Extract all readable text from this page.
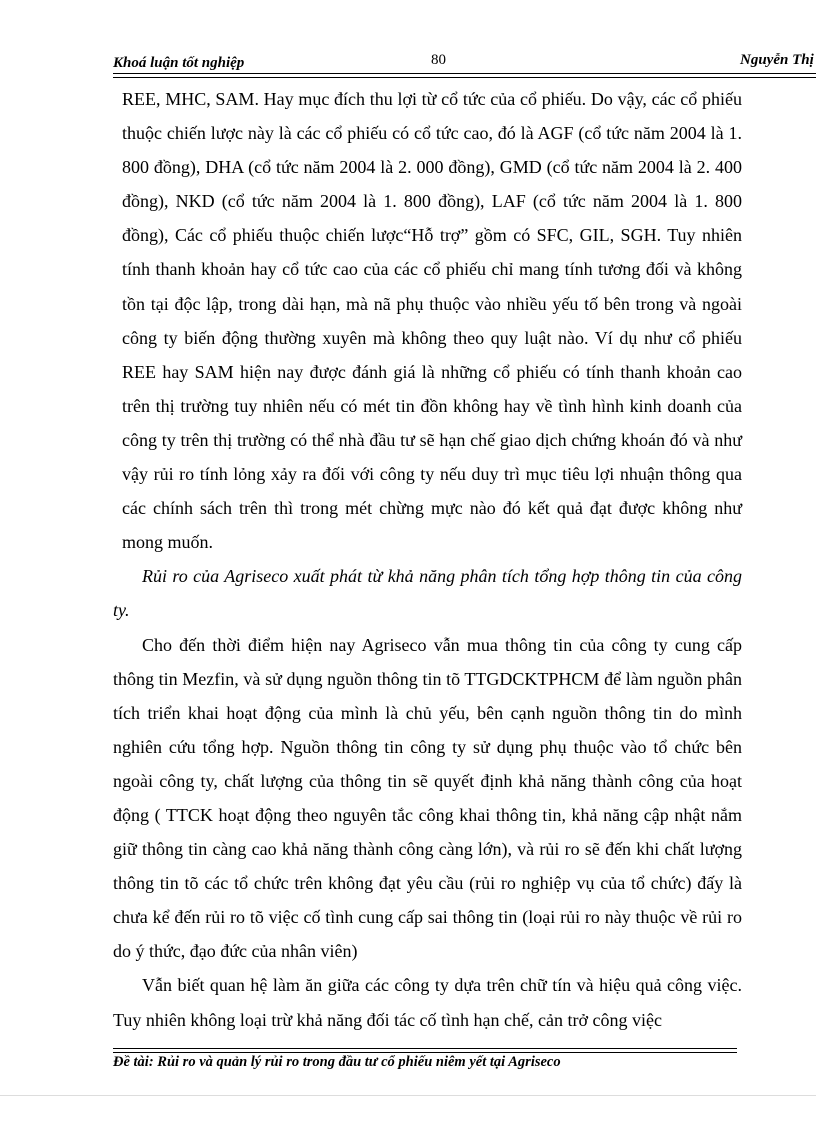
Khoá luận tốt nghiệp	80	Nguyễn Thị

REE, MHC, SAM. Hay mục đích thu lợi từ cổ tức của cổ phiếu. Do vậy, các cổ phiếu thuộc chiến lược này là các cổ phiếu có cổ tức cao, đó là AGF (cổ tức năm 2004 là 1. 800 đồng), DHA (cổ tức năm 2004 là 2. 000 đồng), GMD (cổ tức năm 2004 là 2. 400 đồng), NKD (cổ tức năm 2004 là 1. 800 đồng), LAF (cổ tức năm 2004 là 1. 800 đồng), Các cổ phiếu thuộc chiến lược“Hỗ trợ” gồm có SFC, GIL, SGH. Tuy nhiên tính thanh khoản hay cổ tức cao của các cổ phiếu chỉ mang tính tương đối và không tồn tại độc lập, trong dài hạn, mà nã phụ thuộc vào nhiều yếu tố bên trong và ngoài công ty biến động thường xuyên mà không theo quy luật nào. Ví dụ như cổ phiếu REE hay SAM hiện nay được đánh giá là những cổ phiếu có tính thanh khoản cao trên thị trường tuy nhiên nếu có mét tin đồn không hay về tình hình kinh doanh của công ty trên thị trường có thể nhà đầu tư sẽ hạn chế giao dịch chứng khoán đó và như vậy rủi ro tính lỏng xảy ra đối với công ty nếu duy trì mục tiêu lợi nhuận thông qua các chính sách trên thì trong mét chừng mực nào đó kết quả đạt được không như mong muốn.

Rủi ro của Agriseco xuất phát từ khả năng phân tích tổng hợp thông tin của công ty.

Cho đến thời điểm hiện nay Agriseco vẫn mua thông tin của công ty cung cấp thông tin Mezfin, và sử dụng nguồn thông tin tõ TTGDCKTPHCM để làm nguồn phân tích triển khai hoạt động của mình là chủ yếu, bên cạnh nguồn thông tin do mình nghiên cứu tổng hợp. Nguồn thông tin công ty sử dụng phụ thuộc vào tổ chức bên ngoài công ty, chất lượng của thông tin sẽ quyết định khả năng thành công của hoạt động ( TTCK hoạt động theo nguyên tắc công khai thông tin, khả năng cập nhật nắm giữ thông tin càng cao khả năng thành công càng lớn), và rủi ro sẽ đến khi chất lượng thông tin tõ các tổ chức trên không đạt yêu cầu (rủi ro nghiệp vụ của tổ chức) đấy là chưa kể đến rủi ro tõ việc cố tình cung cấp sai thông tin (loại rủi ro này thuộc về rủi ro do ý thức, đạo đức của nhân viên)

Vẫn biết quan hệ làm ăn giữa các công ty dựa trên chữ tín và hiệu quả công việc. Tuy nhiên không loại trừ khả năng đối tác cố tình hạn chế, cản trở công việc

Đề tài: Rủi ro và quản lý rủi ro trong đầu tư cổ phiếu niêm yết tại Agriseco
